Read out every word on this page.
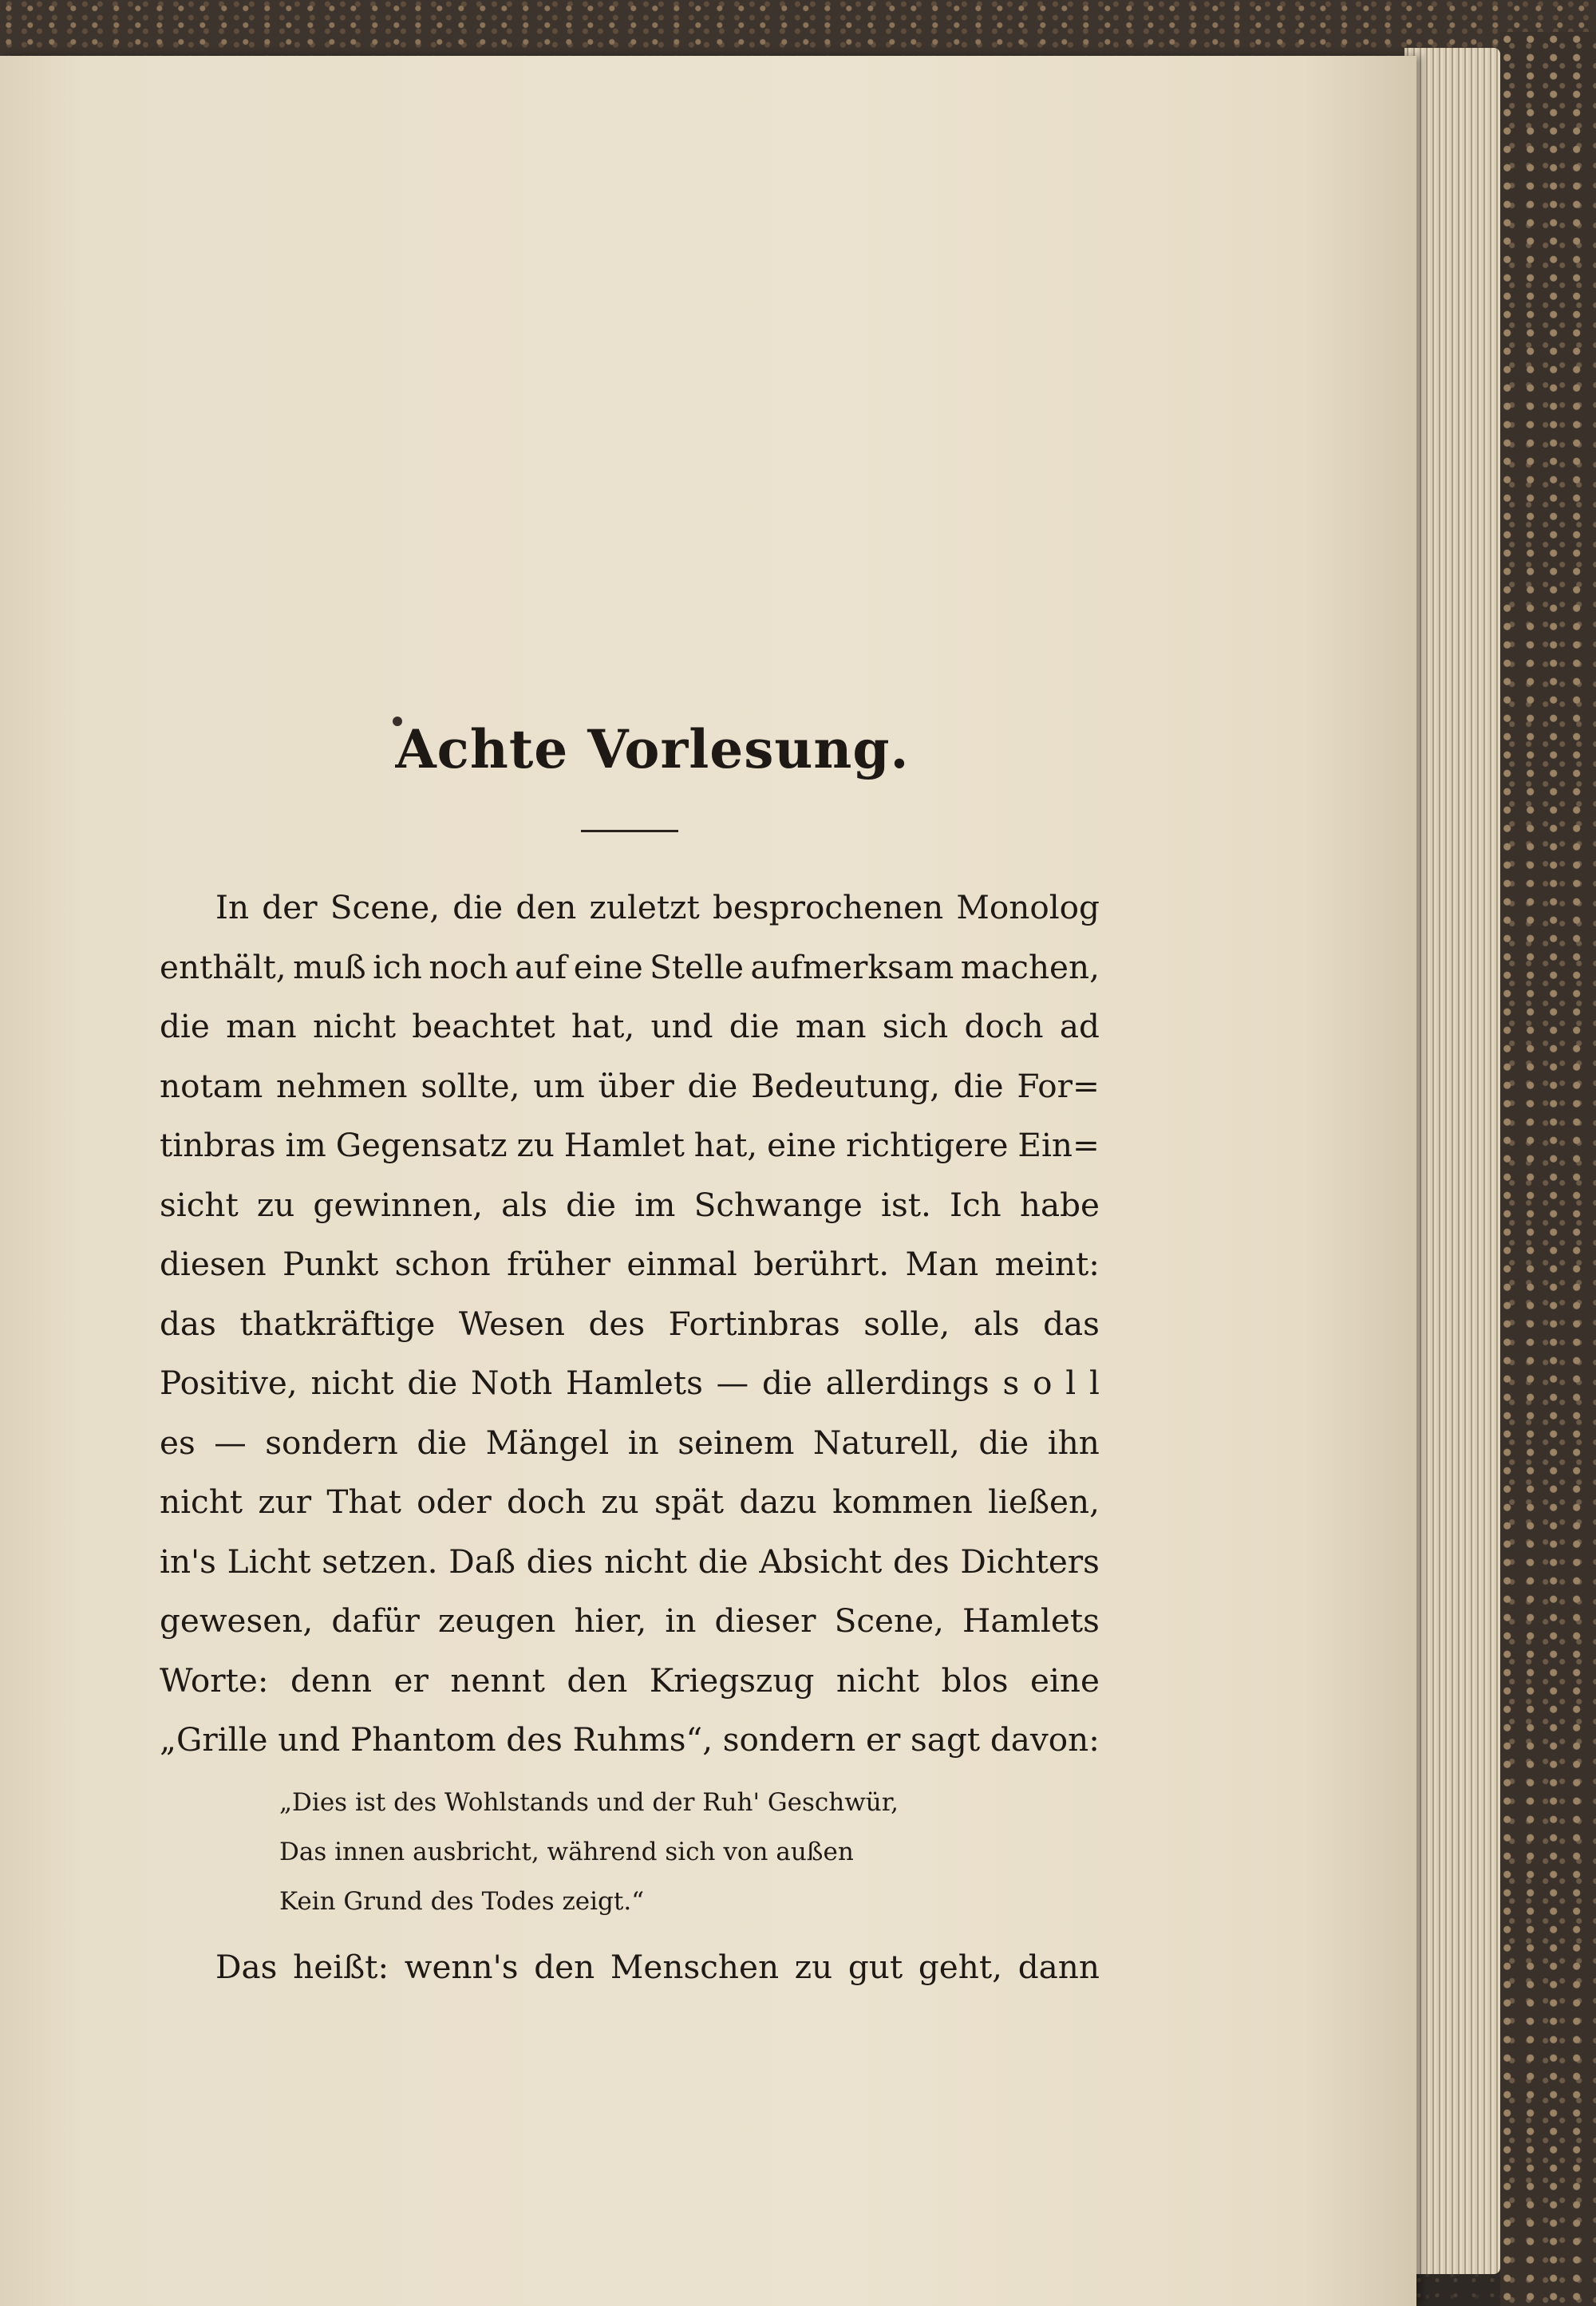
Achte Vorlesung.
In der Scene, die den zuletzt besprochenen Monolog
enthält, muß ich noch auf eine Stelle aufmerksam machen,
die man nicht beachtet hat, und die man sich doch ad
notam nehmen sollte, um über die Bedeutung, die For=
tinbras im Gegensatz zu Hamlet hat, eine richtigere Ein=
sicht zu gewinnen, als die im Schwange ist. Ich habe
diesen Punkt schon früher einmal berührt. Man meint:
das thatkräftige Wesen des Fortinbras solle, als das
Positive, nicht die Noth Hamlets — die allerdings s o l l
es — sondern die Mängel in seinem Naturell, die ihn
nicht zur That oder doch zu spät dazu kommen ließen,
in's Licht setzen. Daß dies nicht die Absicht des Dichters
gewesen, dafür zeugen hier, in dieser Scene, Hamlets
Worte: denn er nennt den Kriegszug nicht blos eine
„Grille und Phantom des Ruhms“, sondern er sagt davon:
„Dies ist des Wohlstands und der Ruh' Geschwür,
Das innen ausbricht, während sich von außen
Kein Grund des Todes zeigt.“
Das heißt: wenn's den Menschen zu gut geht, dann
